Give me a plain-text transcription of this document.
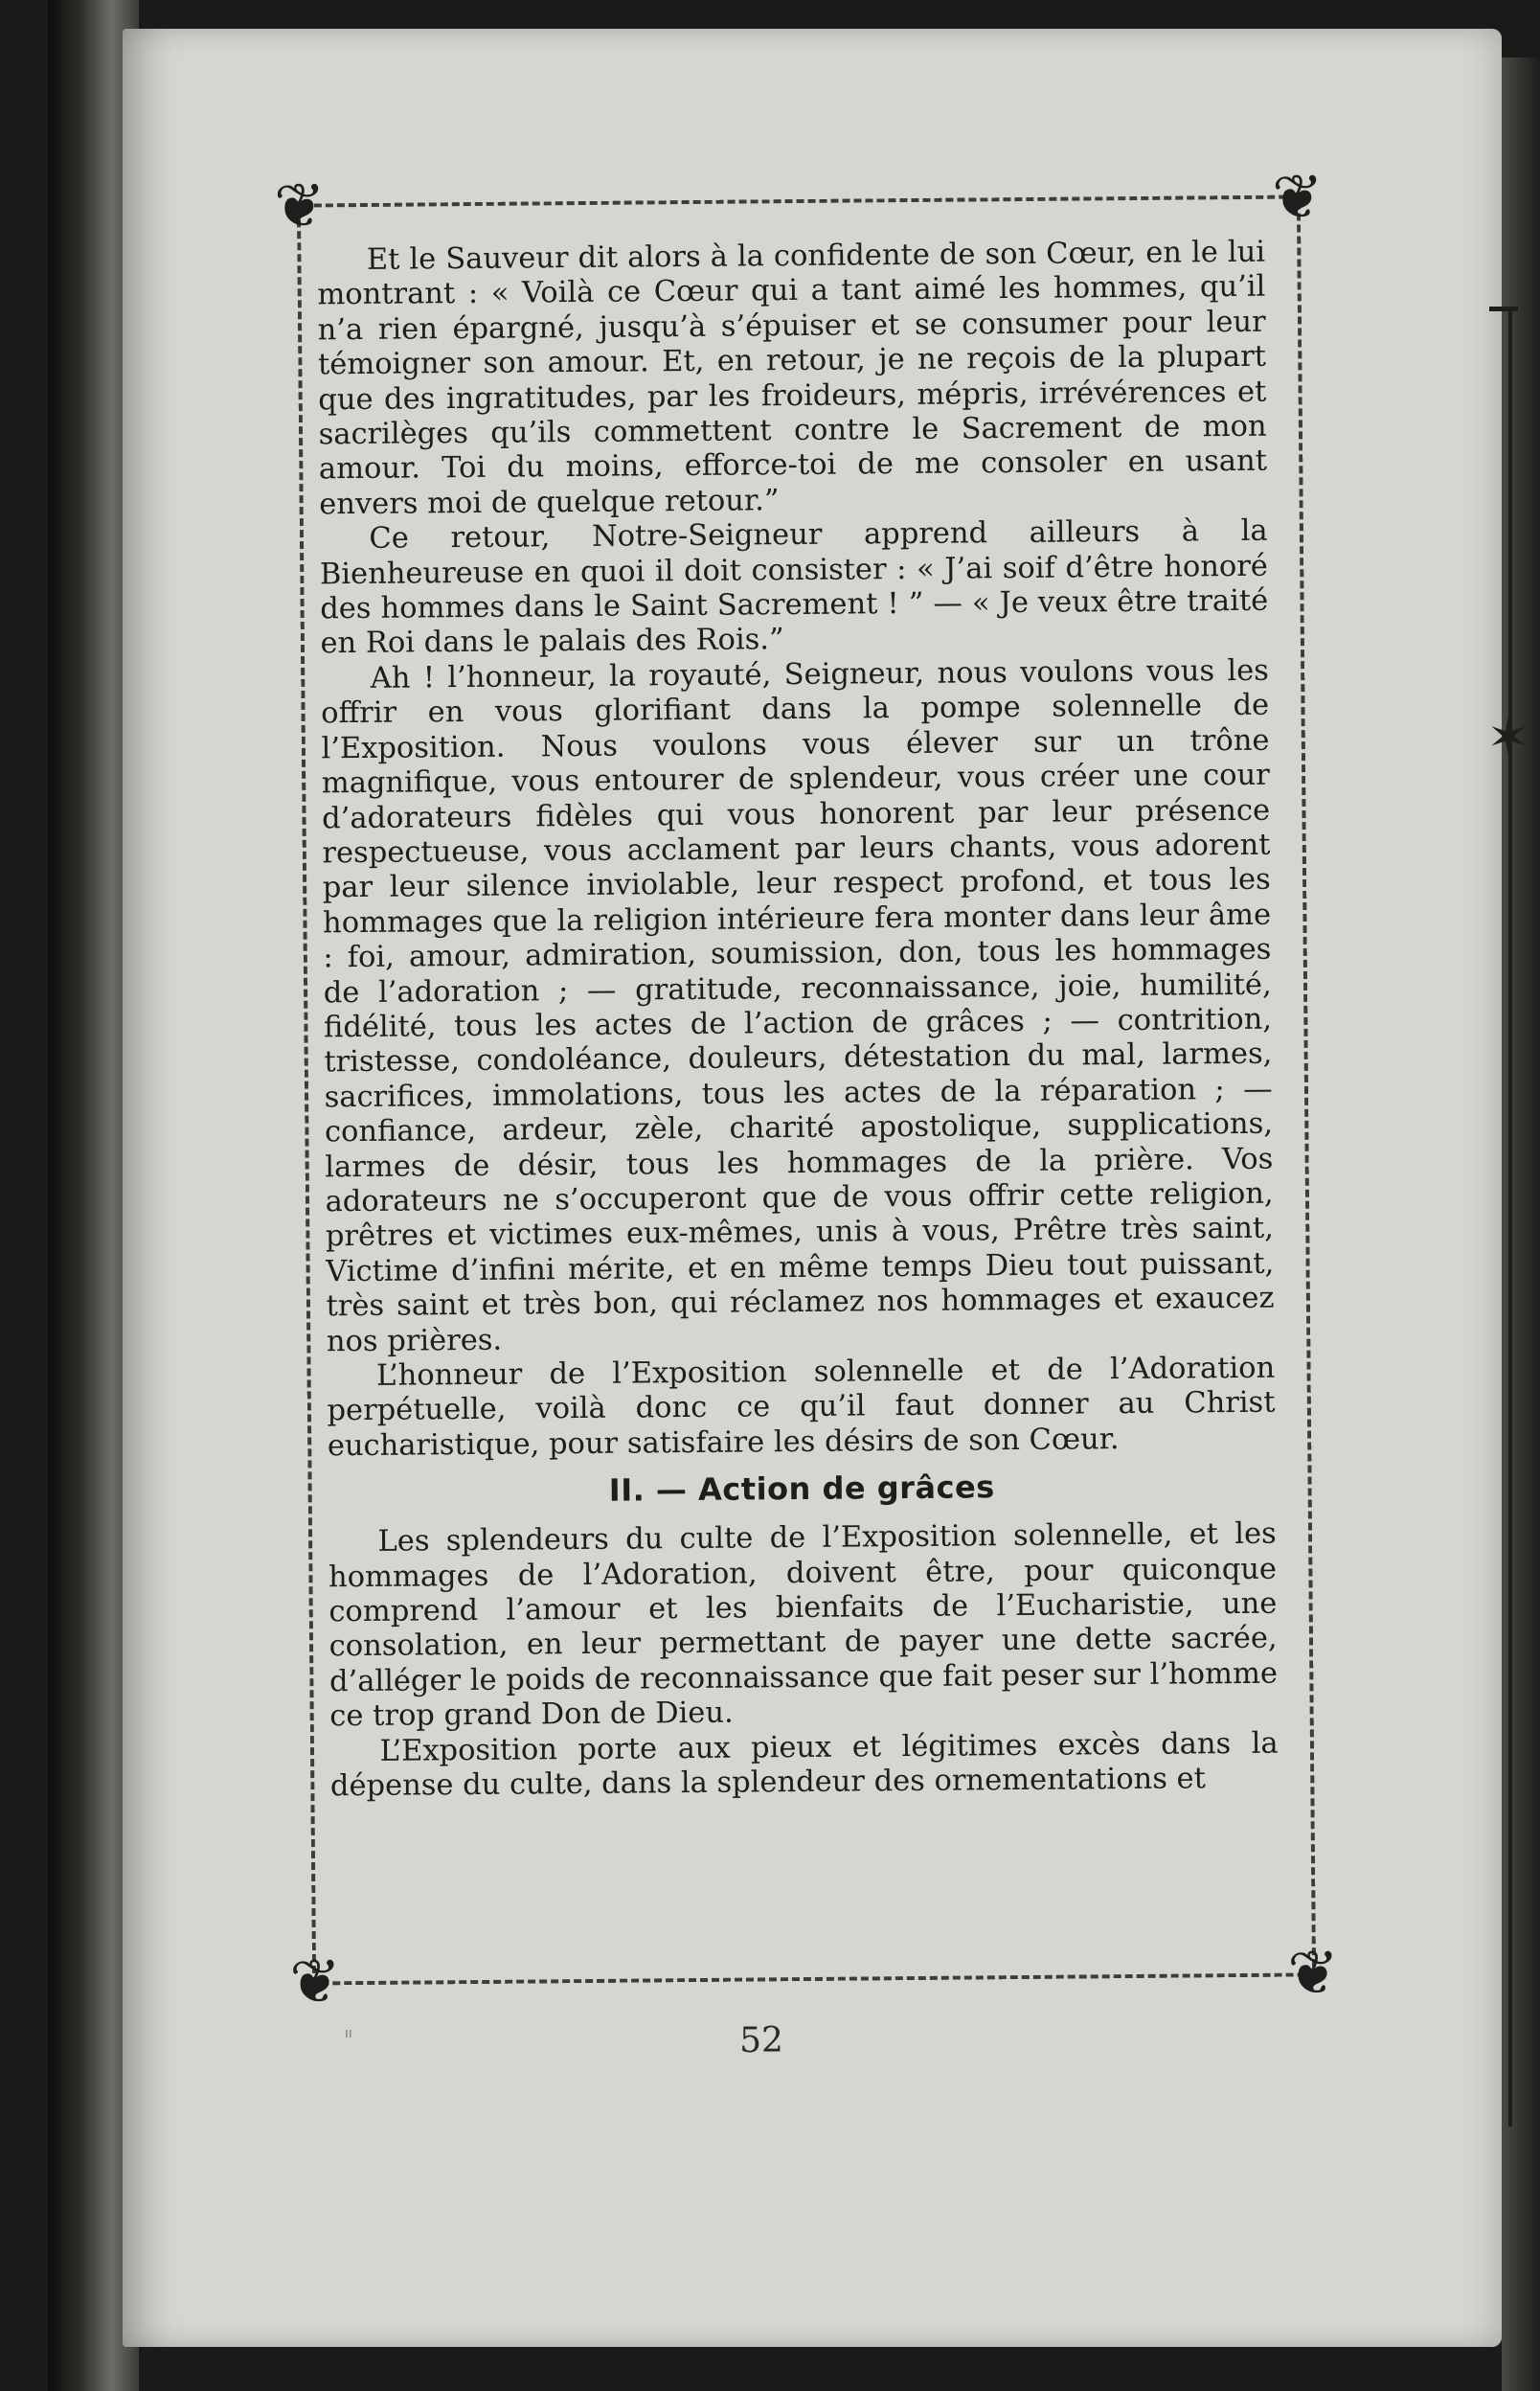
✶
❦	❦
❦	❦

Et le Sauveur dit alors à la confidente de son Cœur, en le lui montrant : « Voilà ce Cœur qui a tant aimé les hommes, qu’il n’a rien épargné, jusqu’à s’épuiser et se consumer pour leur témoigner son amour. Et, en retour, je ne reçois de la plupart que des ingratitudes, par les froideurs, mépris, irrévérences et sacrilèges qu’ils commettent contre le Sacrement de mon amour. Toi du moins, efforce-toi de me consoler en usant envers moi de quelque retour.”

Ce retour, Notre-Seigneur apprend ailleurs à la Bienheureuse en quoi il doit consister : « J’ai soif d’être honoré des hommes dans le Saint Sacrement ! ” — « Je veux être traité en Roi dans le palais des Rois.”

Ah ! l’honneur, la royauté, Seigneur, nous voulons vous les offrir en vous glorifiant dans la pompe solennelle de l’Exposition. Nous voulons vous élever sur un trône magnifique, vous entourer de splendeur, vous créer une cour d’adorateurs fidèles qui vous honorent par leur présence respectueuse, vous acclament par leurs chants, vous adorent par leur silence inviolable, leur respect profond, et tous les hommages que la religion intérieure fera monter dans leur âme : foi, amour, admiration, soumission, don, tous les hommages de l’adoration ; — gratitude, reconnaissance, joie, humilité, fidélité, tous les actes de l’action de grâces ; — contrition, tristesse, condoléance, douleurs, détestation du mal, larmes, sacrifices, immolations, tous les actes de la réparation ; — confiance, ardeur, zèle, charité apostolique, supplications, larmes de désir, tous les hommages de la prière. Vos adorateurs ne s’occuperont que de vous offrir cette religion, prêtres et victimes eux-mêmes, unis à vous, Prêtre très saint, Victime d’infini mérite, et en même temps Dieu tout puissant, très saint et très bon, qui réclamez nos hommages et exaucez nos prières.

L’honneur de l’Exposition solennelle et de l’Adoration perpétuelle, voilà donc ce qu’il faut donner au Christ eucharistique, pour satisfaire les désirs de son Cœur.

II. — Action de grâces

Les splendeurs du culte de l’Exposition solennelle, et les hommages de l’Adoration, doivent être, pour quiconque comprend l’amour et les bienfaits de l’Eucharistie, une consolation, en leur permettant de payer une dette sacrée, d’alléger le poids de reconnaissance que fait peser sur l’homme ce trop grand Don de Dieu.

L’Exposition porte aux pieux et légitimes excès dans la dépense du culte, dans la splendeur des ornementations et

ıı	52
